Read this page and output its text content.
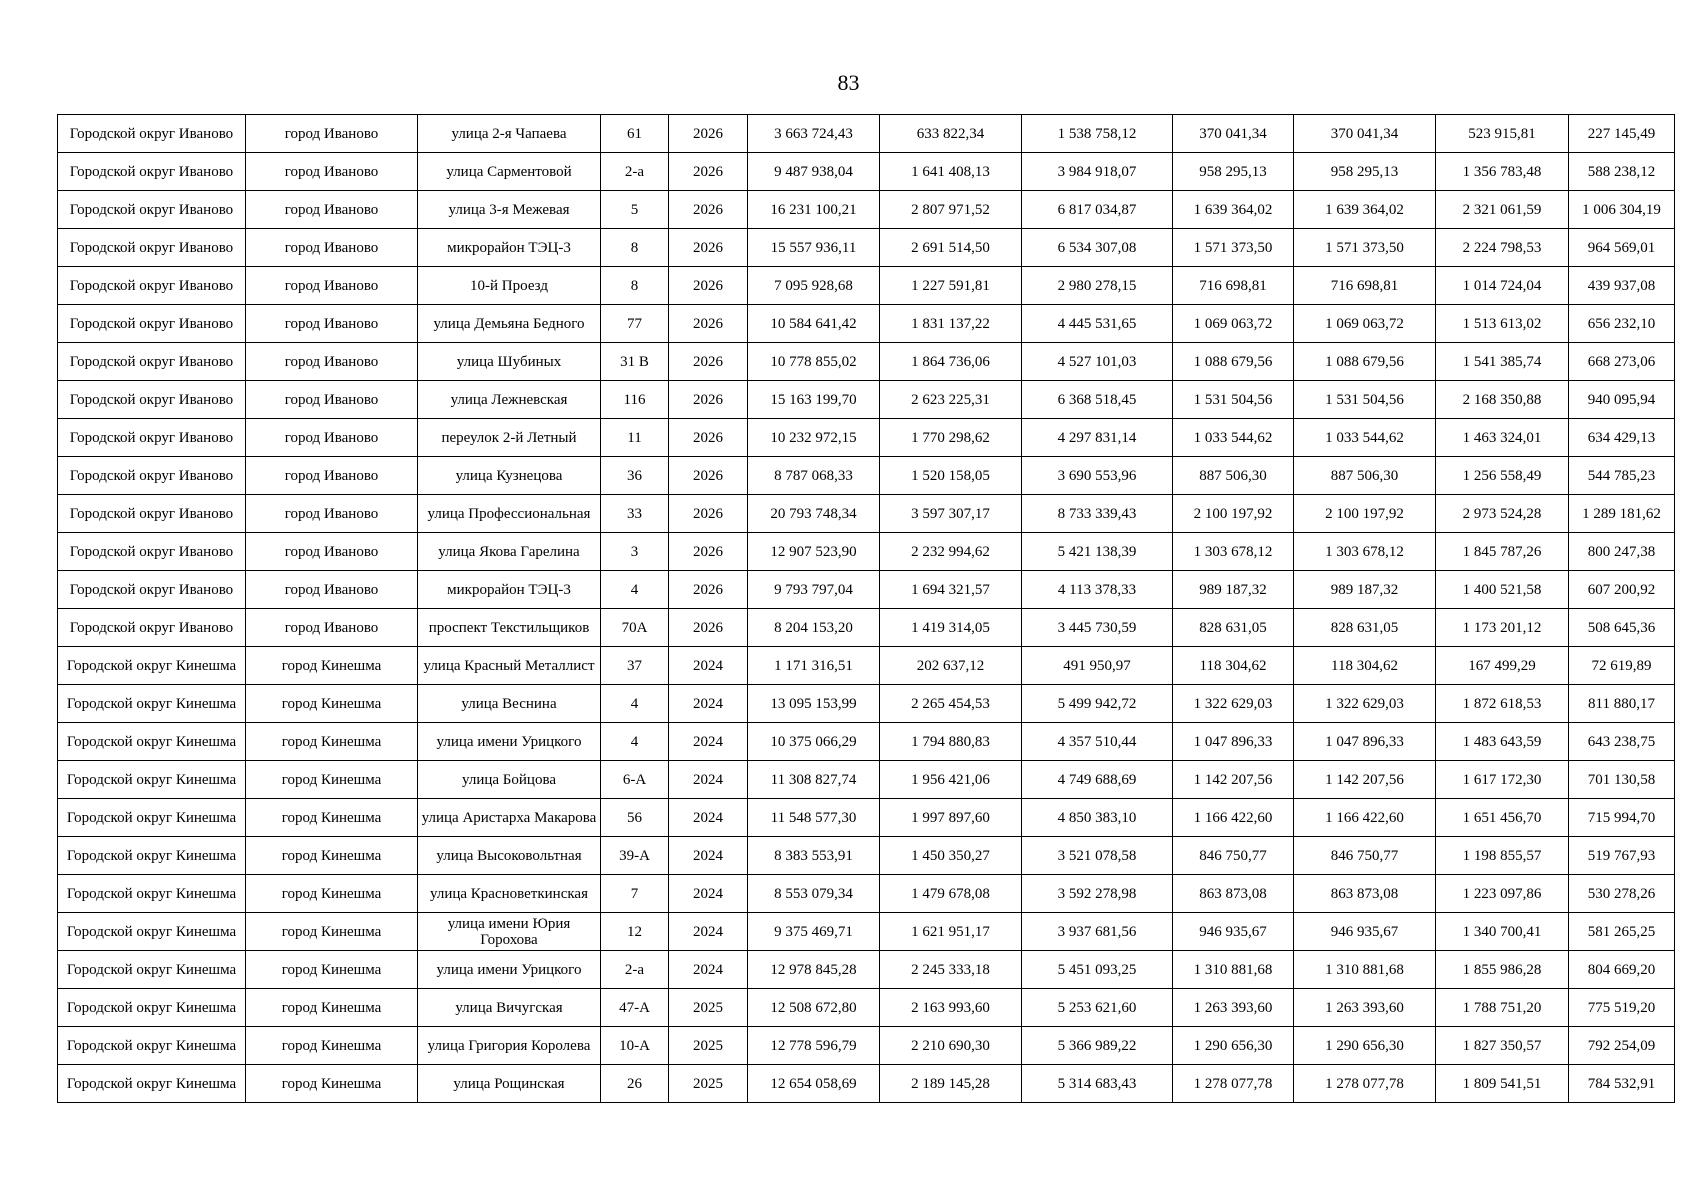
83
Городской округ Иваново	город Иваново	улица 2-я Чапаева	61	2026	3 663 724,43	633 822,34	1 538 758,12	370 041,34	370 041,34	523 915,81	227 145,49
Городской округ Иваново	город Иваново	улица Сарментовой	2-а	2026	9 487 938,04	1 641 408,13	3 984 918,07	958 295,13	958 295,13	1 356 783,48	588 238,12
Городской округ Иваново	город Иваново	улица 3-я Межевая	5	2026	16 231 100,21	2 807 971,52	6 817 034,87	1 639 364,02	1 639 364,02	2 321 061,59	1 006 304,19
Городской округ Иваново	город Иваново	микрорайон ТЭЦ-3	8	2026	15 557 936,11	2 691 514,50	6 534 307,08	1 571 373,50	1 571 373,50	2 224 798,53	964 569,01
Городской округ Иваново	город Иваново	10-й Проезд	8	2026	7 095 928,68	1 227 591,81	2 980 278,15	716 698,81	716 698,81	1 014 724,04	439 937,08
Городской округ Иваново	город Иваново	улица Демьяна Бедного	77	2026	10 584 641,42	1 831 137,22	4 445 531,65	1 069 063,72	1 069 063,72	1 513 613,02	656 232,10
Городской округ Иваново	город Иваново	улица Шубиных	31 В	2026	10 778 855,02	1 864 736,06	4 527 101,03	1 088 679,56	1 088 679,56	1 541 385,74	668 273,06
Городской округ Иваново	город Иваново	улица Лежневская	116	2026	15 163 199,70	2 623 225,31	6 368 518,45	1 531 504,56	1 531 504,56	2 168 350,88	940 095,94
Городской округ Иваново	город Иваново	переулок 2-й Летный	11	2026	10 232 972,15	1 770 298,62	4 297 831,14	1 033 544,62	1 033 544,62	1 463 324,01	634 429,13
Городской округ Иваново	город Иваново	улица Кузнецова	36	2026	8 787 068,33	1 520 158,05	3 690 553,96	887 506,30	887 506,30	1 256 558,49	544 785,23
Городской округ Иваново	город Иваново	улица Профессиональная	33	2026	20 793 748,34	3 597 307,17	8 733 339,43	2 100 197,92	2 100 197,92	2 973 524,28	1 289 181,62
Городской округ Иваново	город Иваново	улица Якова Гарелина	3	2026	12 907 523,90	2 232 994,62	5 421 138,39	1 303 678,12	1 303 678,12	1 845 787,26	800 247,38
Городской округ Иваново	город Иваново	микрорайон ТЭЦ-3	4	2026	9 793 797,04	1 694 321,57	4 113 378,33	989 187,32	989 187,32	1 400 521,58	607 200,92
Городской округ Иваново	город Иваново	проспект Текстильщиков	70А	2026	8 204 153,20	1 419 314,05	3 445 730,59	828 631,05	828 631,05	1 173 201,12	508 645,36
Городской округ Кинешма	город Кинешма	улица Красный Металлист	37	2024	1 171 316,51	202 637,12	491 950,97	118 304,62	118 304,62	167 499,29	72 619,89
Городской округ Кинешма	город Кинешма	улица Веснина	4	2024	13 095 153,99	2 265 454,53	5 499 942,72	1 322 629,03	1 322 629,03	1 872 618,53	811 880,17
Городской округ Кинешма	город Кинешма	улица имени Урицкого	4	2024	10 375 066,29	1 794 880,83	4 357 510,44	1 047 896,33	1 047 896,33	1 483 643,59	643 238,75
Городской округ Кинешма	город Кинешма	улица Бойцова	6-А	2024	11 308 827,74	1 956 421,06	4 749 688,69	1 142 207,56	1 142 207,56	1 617 172,30	701 130,58
Городской округ Кинешма	город Кинешма	улица Аристарха Макарова	56	2024	11 548 577,30	1 997 897,60	4 850 383,10	1 166 422,60	1 166 422,60	1 651 456,70	715 994,70
Городской округ Кинешма	город Кинешма	улица Высоковольтная	39-А	2024	8 383 553,91	1 450 350,27	3 521 078,58	846 750,77	846 750,77	1 198 855,57	519 767,93
Городской округ Кинешма	город Кинешма	улица Красноветкинская	7	2024	8 553 079,34	1 479 678,08	3 592 278,98	863 873,08	863 873,08	1 223 097,86	530 278,26
Городской округ Кинешма	город Кинешма	улица имени Юрия Горохова	12	2024	9 375 469,71	1 621 951,17	3 937 681,56	946 935,67	946 935,67	1 340 700,41	581 265,25
Городской округ Кинешма	город Кинешма	улица имени Урицкого	2-а	2024	12 978 845,28	2 245 333,18	5 451 093,25	1 310 881,68	1 310 881,68	1 855 986,28	804 669,20
Городской округ Кинешма	город Кинешма	улица Вичугская	47-А	2025	12 508 672,80	2 163 993,60	5 253 621,60	1 263 393,60	1 263 393,60	1 788 751,20	775 519,20
Городской округ Кинешма	город Кинешма	улица Григория Королева	10-А	2025	12 778 596,79	2 210 690,30	5 366 989,22	1 290 656,30	1 290 656,30	1 827 350,57	792 254,09
Городской округ Кинешма	город Кинешма	улица Рощинская	26	2025	12 654 058,69	2 189 145,28	5 314 683,43	1 278 077,78	1 278 077,78	1 809 541,51	784 532,91
